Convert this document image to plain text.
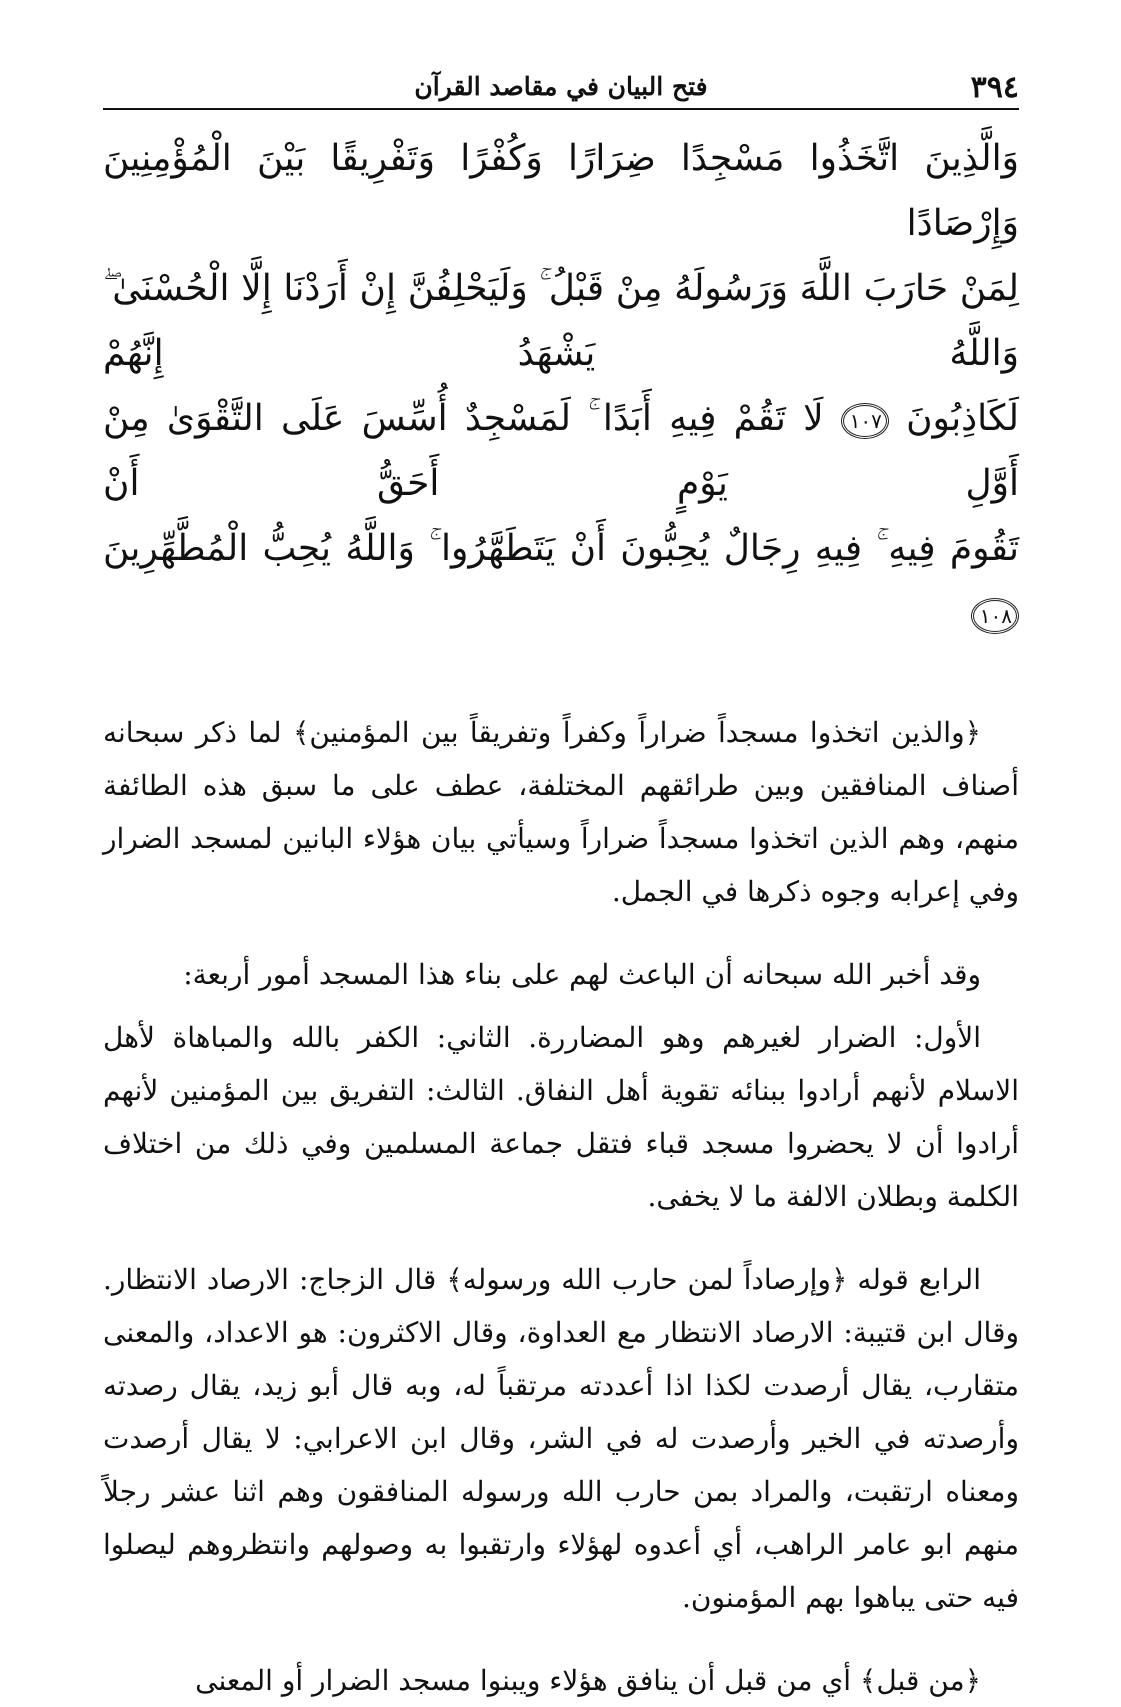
٣٩٤
فتح البيان في مقاصد القرآن
وَالَّذِينَ اتَّخَذُوا مَسْجِدًا ضِرَارًا وَكُفْرًا وَتَفْرِيقًا بَيْنَ الْمُؤْمِنِينَ وَإِرْصَادًا
لِمَنْ حَارَبَ اللَّهَ وَرَسُولَهُ مِنْ قَبْلُ ۚ وَلَيَحْلِفُنَّ إِنْ أَرَدْنَا إِلَّا الْحُسْنَىٰ ۖ وَاللَّهُ يَشْهَدُ إِنَّهُمْ
لَكَاذِبُونَ ١٠٧ لَا تَقُمْ فِيهِ أَبَدًا ۚ لَمَسْجِدٌ أُسِّسَ عَلَى التَّقْوَىٰ مِنْ أَوَّلِ يَوْمٍ أَحَقُّ أَنْ
تَقُومَ فِيهِ ۚ فِيهِ رِجَالٌ يُحِبُّونَ أَنْ يَتَطَهَّرُوا ۚ وَاللَّهُ يُحِبُّ الْمُطَّهِّرِينَ ١٠٨

﴿والذين اتخذوا مسجداً ضراراً وكفراً وتفريقاً بين المؤمنين﴾ لما ذكر سبحانه أصناف المنافقين وبين طرائقهم المختلفة، عطف على ما سبق هذه الطائفة منهم، وهم الذين اتخذوا مسجداً ضراراً وسيأتي بيان هؤلاء البانين لمسجد الضرار وفي إعرابه وجوه ذكرها في الجمل.

وقد أخبر الله سبحانه أن الباعث لهم على بناء هذا المسجد أمور أربعة:

الأول: الضرار لغيرهم وهو المضاررة. الثاني: الكفر بالله والمباهاة لأهل الاسلام لأنهم أرادوا ببنائه تقوية أهل النفاق. الثالث: التفريق بين المؤمنين لأنهم أرادوا أن لا يحضروا مسجد قباء فتقل جماعة المسلمين وفي ذلك من اختلاف الكلمة وبطلان الالفة ما لا يخفى.

الرابع قوله ﴿وإرصاداً لمن حارب الله ورسوله﴾ قال الزجاج: الارصاد الانتظار. وقال ابن قتيبة: الارصاد الانتظار مع العداوة، وقال الاكثرون: هو الاعداد، والمعنى متقارب، يقال أرصدت لكذا اذا أعددته مرتقباً له، وبه قال أبو زيد، يقال رصدته وأرصدته في الخير وأرصدت له في الشر، وقال ابن الاعرابي: لا يقال أرصدت ومعناه ارتقبت، والمراد بمن حارب الله ورسوله المنافقون وهم اثنا عشر رجلاً منهم ابو عامر الراهب، أي أعدوه لهؤلاء وارتقبوا به وصولهم وانتظروهم ليصلوا فيه حتى يباهوا بهم المؤمنون.

﴿من قبل﴾ أي من قبل أن ينافق هؤلاء ويبنوا مسجد الضرار أو المعنى
